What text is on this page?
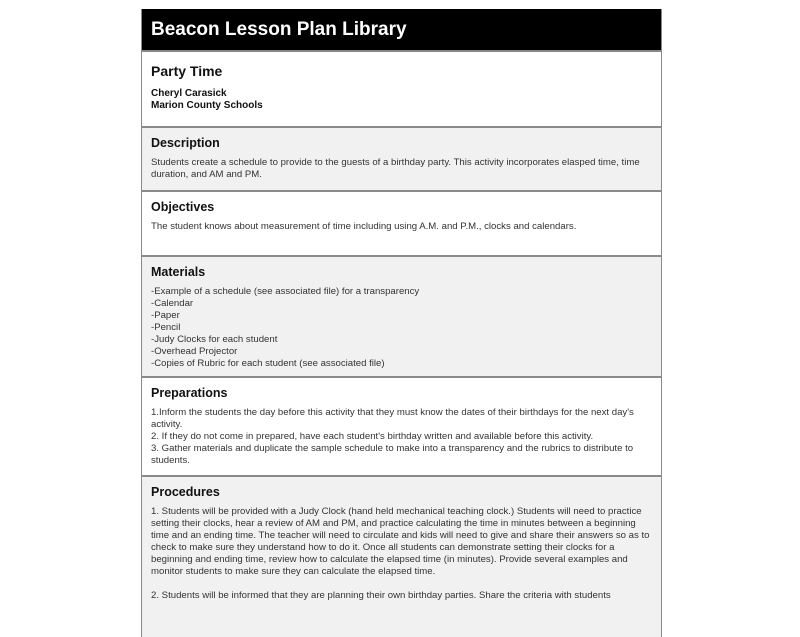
Beacon Lesson Plan Library
Party Time
Cheryl Carasick
Marion County Schools
Description
Students create a schedule to provide to the guests of a birthday party. This activity incorporates elasped time, time duration, and AM and PM.
Objectives
The student knows about measurement of time including using A.M. and P.M., clocks and calendars.
Materials
-Example of a schedule (see associated file) for a transparency
-Calendar
-Paper
-Pencil
-Judy Clocks for each student
-Overhead Projector
-Copies of Rubric for each student (see associated file)
Preparations
1.Inform the students the day before this activity that they must know the dates of their birthdays for the next day's activity.
2. If they do not come in prepared, have each student's birthday written and available before this activity.
3. Gather materials and duplicate the sample schedule to make into a transparency and the rubrics to distribute to students.
Procedures

1. Students will be provided with a Judy Clock (hand held mechanical teaching clock.) Students will need to practice setting their clocks, hear a review of AM and PM, and practice calculating the time in minutes between a beginning time and an ending time. The teacher will need to circulate and kids will need to give and share their answers so as to check to make sure they understand how to do it. Once all students can demonstrate setting their clocks for a beginning and ending time, review how to calculate the elapsed time (in minutes). Provide several examples and monitor students to make sure they can calculate the elapsed time.

2. Students will be informed that they are planning their own birthday parties. Share the criteria with students
